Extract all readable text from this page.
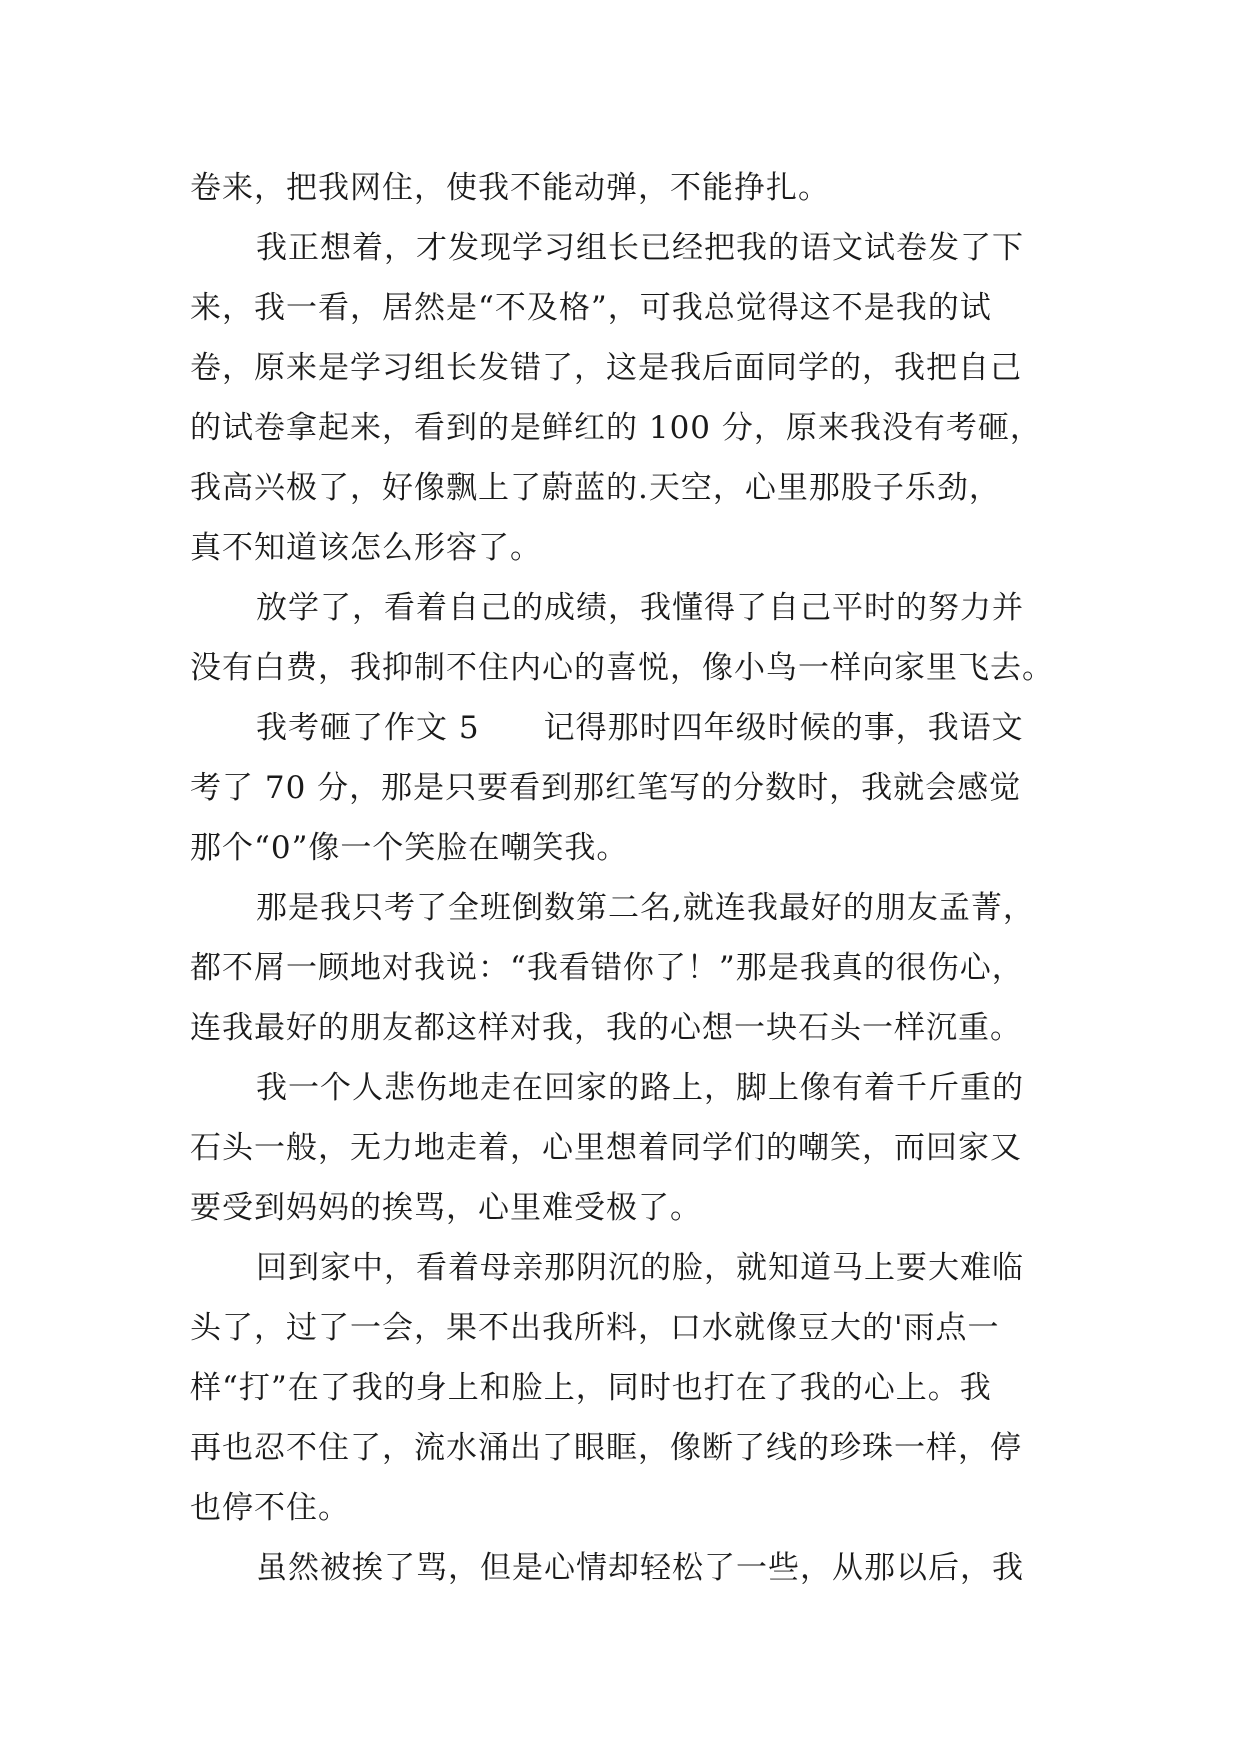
卷来，把我网住，使我不能动弹，不能挣扎。

我正想着，才发现学习组长已经把我的语文试卷发了下
来，我一看，居然是“不及格”，可我总觉得这不是我的试
卷，原来是学习组长发错了，这是我后面同学的，我把自己
的试卷拿起来，看到的是鲜红的 100 分，原来我没有考砸，
我高兴极了，好像飘上了蔚蓝的.天空，心里那股子乐劲，
真不知道该怎么形容了。

放学了，看着自己的成绩，我懂得了自己平时的努力并
没有白费，我抑制不住内心的喜悦，像小鸟一样向家里飞去。

我考砸了作文 5　　记得那时四年级时候的事，我语文
考了 70 分，那是只要看到那红笔写的分数时，我就会感觉
那个“0”像一个笑脸在嘲笑我。

那是我只考了全班倒数第二名,就连我最好的朋友孟菁，
都不屑一顾地对我说：“我看错你了！”那是我真的很伤心，
连我最好的朋友都这样对我，我的心想一块石头一样沉重。

我一个人悲伤地走在回家的路上，脚上像有着千斤重的
石头一般，无力地走着，心里想着同学们的嘲笑，而回家又
要受到妈妈的挨骂，心里难受极了。

回到家中，看着母亲那阴沉的脸，就知道马上要大难临
头了，过了一会，果不出我所料，口水就像豆大的'雨点一
样“打”在了我的身上和脸上，同时也打在了我的心上。我
再也忍不住了，流水涌出了眼眶，像断了线的珍珠一样，停
也停不住。

虽然被挨了骂，但是心情却轻松了一些，从那以后，我
